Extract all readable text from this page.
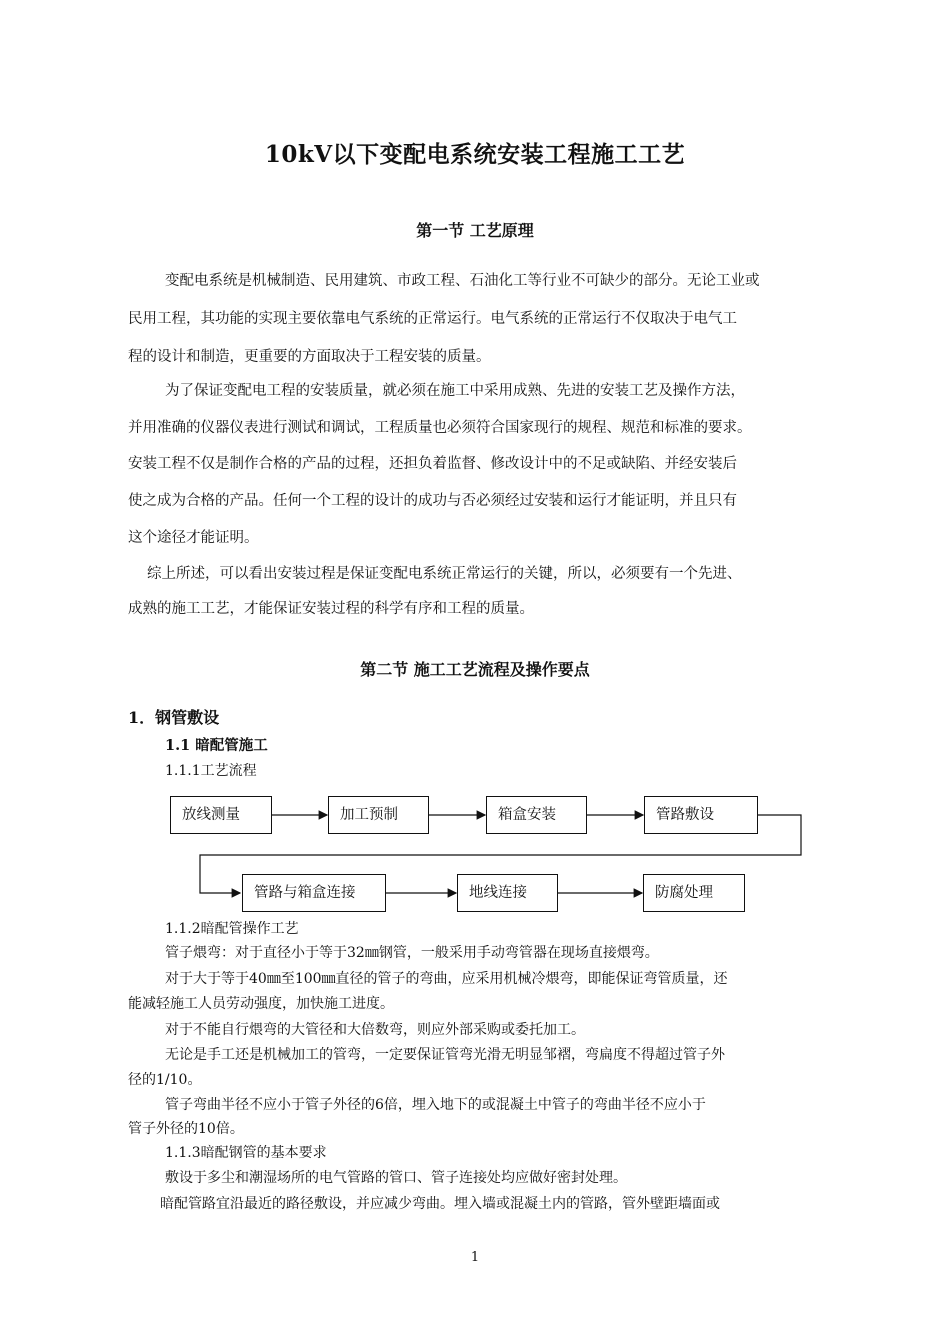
10kV以下变配电系统安装工程施工工艺
第一节 工艺原理
变配电系统是机械制造、民用建筑、市政工程、石油化工等行业不可缺少的部分。无论工业或
民用工程，其功能的实现主要依靠电气系统的正常运行。电气系统的正常运行不仅取决于电气工
程的设计和制造，更重要的方面取决于工程安装的质量。
为了保证变配电工程的安装质量，就必须在施工中采用成熟、先进的安装工艺及操作方法，
并用准确的仪器仪表进行测试和调试，工程质量也必须符合国家现行的规程、规范和标准的要求。
安装工程不仅是制作合格的产品的过程，还担负着监督、修改设计中的不足或缺陷、并经安装后
使之成为合格的产品。任何一个工程的设计的成功与否必须经过安装和运行才能证明，并且只有
这个途径才能证明。
综上所述，可以看出安装过程是保证变配电系统正常运行的关键，所以，必须要有一个先进、
成熟的施工工艺，才能保证安装过程的科学有序和工程的质量。
第二节 施工工艺流程及操作要点
1．钢管敷设
1.1 暗配管施工
1.1.1工艺流程
放线测量	加工预制	箱盒安装	管路敷设
管路与箱盒连接	地线连接	防腐处理
1.1.2暗配管操作工艺
管子煨弯：对于直径小于等于32㎜钢管，一般采用手动弯管器在现场直接煨弯。
对于大于等于40㎜至100㎜直径的管子的弯曲，应采用机械冷煨弯，即能保证弯管质量，还
能减轻施工人员劳动强度，加快施工进度。
对于不能自行煨弯的大管径和大倍数弯，则应外部采购或委托加工。
无论是手工还是机械加工的管弯，一定要保证管弯光滑无明显邹褶，弯扁度不得超过管子外
径的1/10。
管子弯曲半径不应小于管子外径的6倍，埋入地下的或混凝土中管子的弯曲半径不应小于
管子外径的10倍。
1.1.3暗配钢管的基本要求
敷设于多尘和潮湿场所的电气管路的管口、管子连接处均应做好密封处理。
暗配管路宜沿最近的路径敷设，并应减少弯曲。埋入墙或混凝土内的管路，管外壁距墙面或
1
